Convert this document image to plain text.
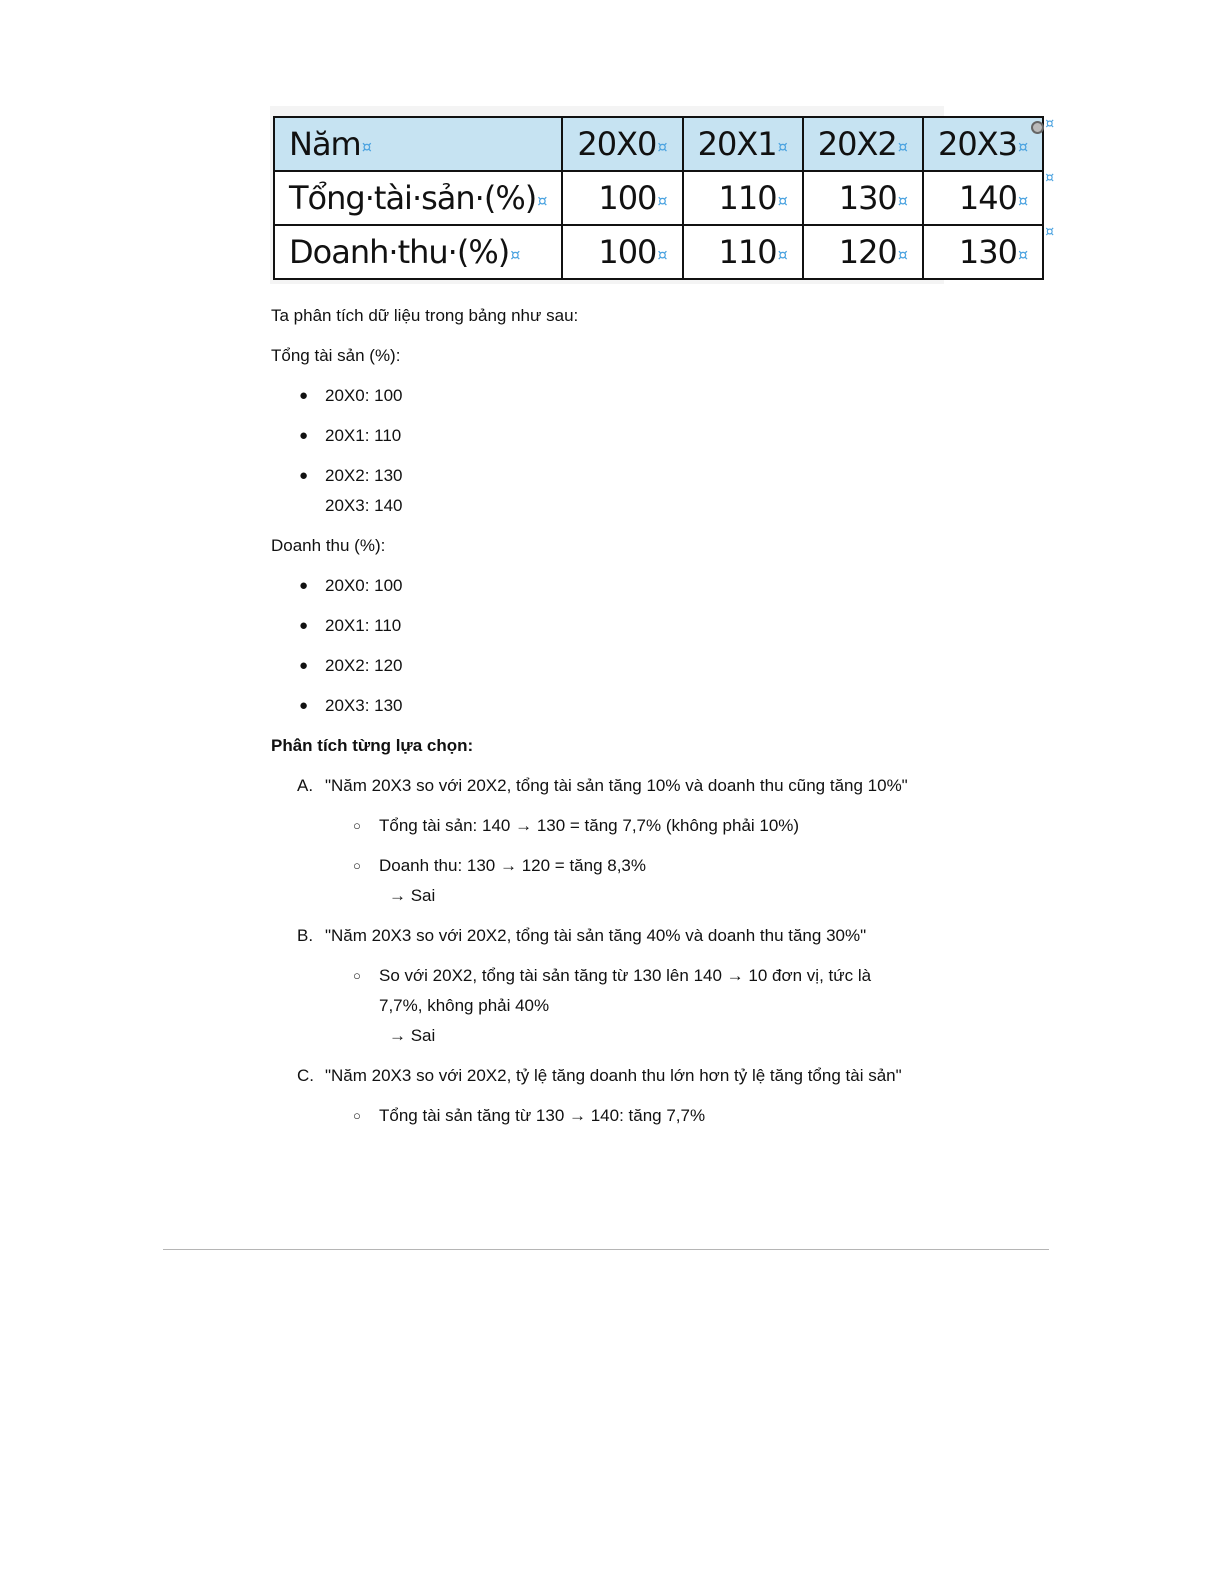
Năm¤	20X0¤	20X1¤	20X2¤	20X3¤
¤

Tổng·tài·sản·(%)¤	100¤	110¤	130¤	140¤
¤

Doanh·thu·(%)¤	100¤	110¤	120¤	130¤
¤

Ta phân tích dữ liệu trong bảng như sau:

Tổng tài sản (%):

● 20X0: 100
● 20X1: 110
● 20X2: 130
20X3: 140

Doanh thu (%):

● 20X0: 100
● 20X1: 110
● 20X2: 120
● 20X3: 130

Phân tích từng lựa chọn:

A. "Năm 20X3 so với 20X2, tổng tài sản tăng 10% và doanh thu cũng tăng 10%"
○ Tổng tài sản: 140 → 130 = tăng 7,7% (không phải 10%)
○ Doanh thu: 130 → 120 = tăng 8,3%
→ Sai
B. "Năm 20X3 so với 20X2, tổng tài sản tăng 40% và doanh thu tăng 30%"
○ So với 20X2, tổng tài sản tăng từ 130 lên 140 → 10 đơn vị, tức là
7,7%, không phải 40%
→ Sai
C. "Năm 20X3 so với 20X2, tỷ lệ tăng doanh thu lớn hơn tỷ lệ tăng tổng tài sản"
○ Tổng tài sản tăng từ 130 → 140: tăng 7,7%
